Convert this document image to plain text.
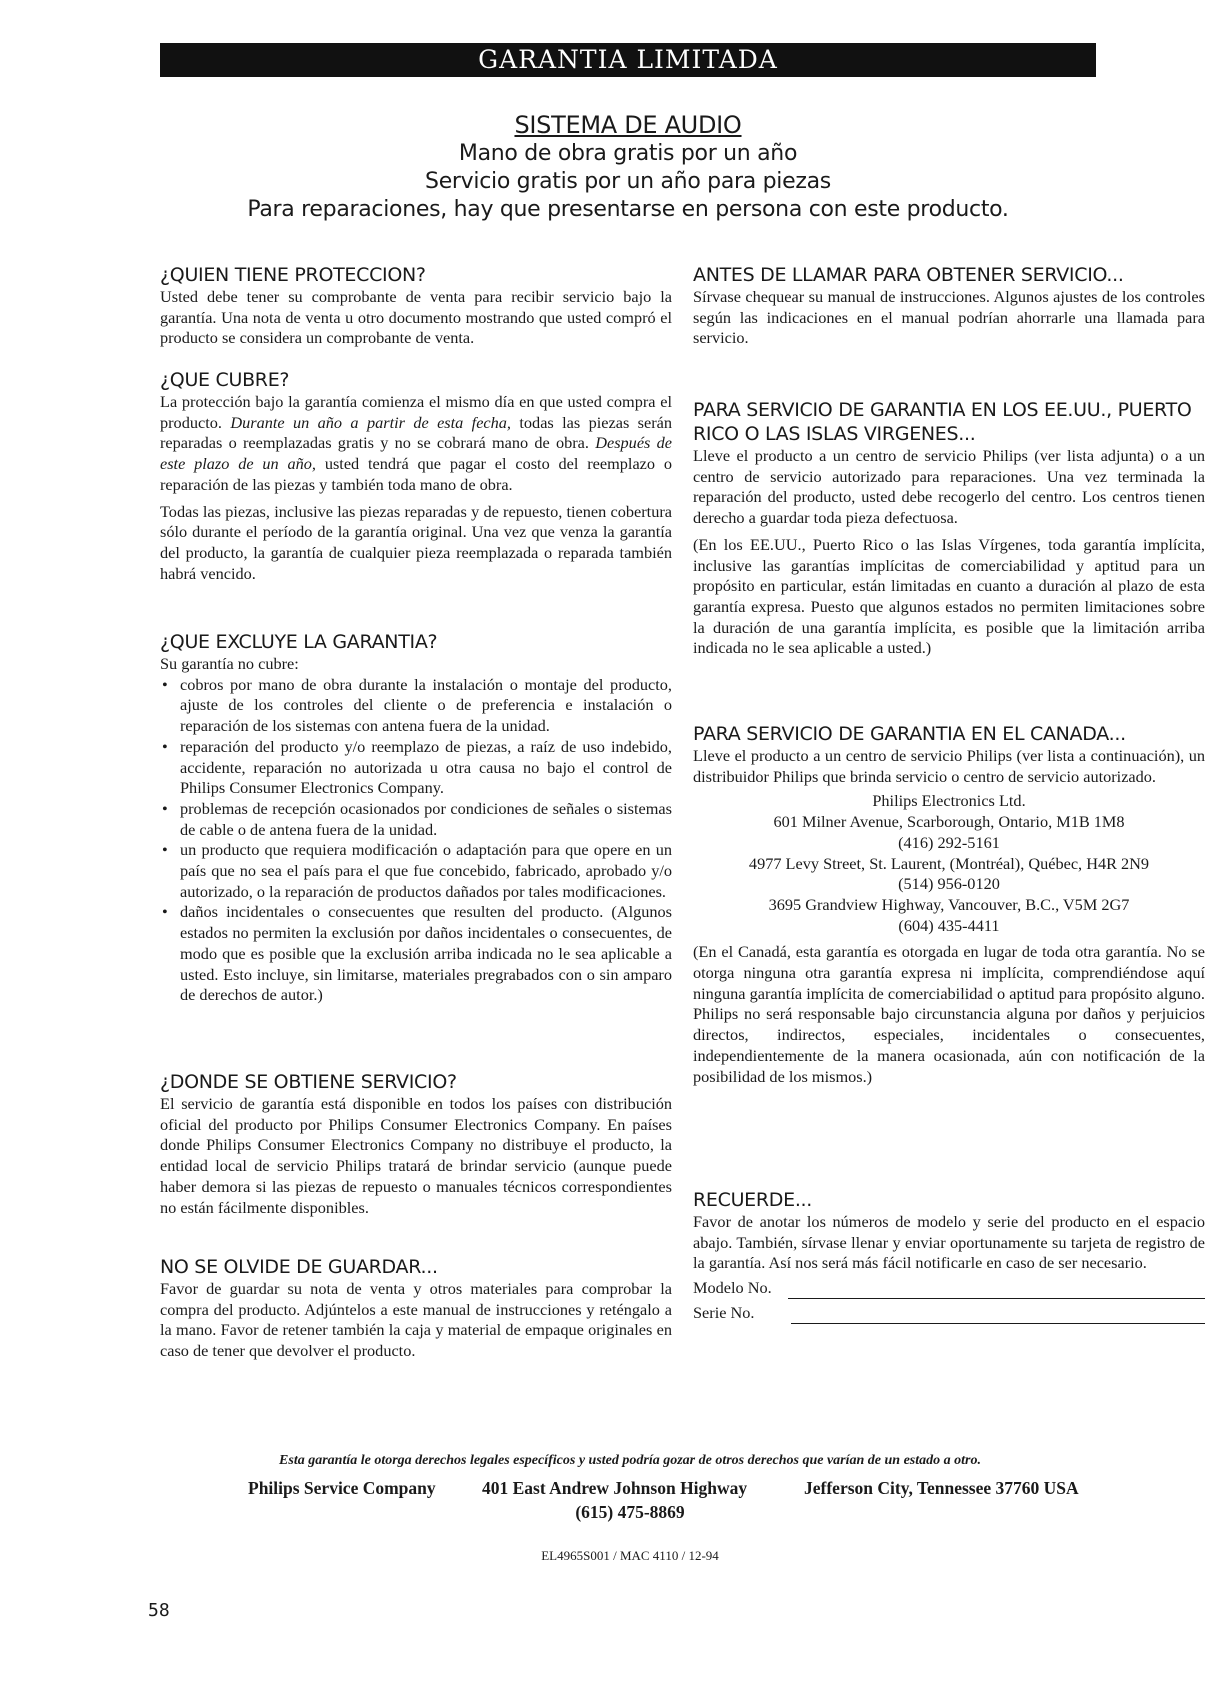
GARANTIA LIMITADA
SISTEMA DE AUDIO
Mano de obra gratis por un año
Servicio gratis por un año para piezas
Para reparaciones, hay que presentarse en persona con este producto.
¿QUIEN TIENE PROTECCION?

Usted debe tener su comprobante de venta para recibir servicio bajo la garantía. Una nota de venta u otro documento mostrando que usted compró el producto se considera un comprobante de venta.

¿QUE CUBRE?

La protección bajo la garantía comienza el mismo día en que usted compra el producto. Durante un año a partir de esta fecha, todas las piezas serán reparadas o reemplazadas gratis y no se cobrará mano de obra. Después de este plazo de un año, usted tendrá que pagar el costo del reemplazo o reparación de las piezas y también toda mano de obra.

Todas las piezas, inclusive las piezas reparadas y de repuesto, tienen cobertura sólo durante el período de la garantía original. Una vez que venza la garantía del producto, la garantía de cualquier pieza reemplazada o reparada también habrá vencido.

¿QUE EXCLUYE LA GARANTIA?

Su garantía no cubre:

• cobros por mano de obra durante la instalación o montaje del producto, ajuste de los controles del cliente o de preferencia e instalación o reparación de los sistemas con antena fuera de la unidad.
• reparación del producto y/o reemplazo de piezas, a raíz de uso indebido, accidente, reparación no autorizada u otra causa no bajo el control de Philips Consumer Electronics Company.
• problemas de recepción ocasionados por condiciones de señales o sistemas de cable o de antena fuera de la unidad.
• un producto que requiera modificación o adaptación para que opere en un país que no sea el país para el que fue concebido, fabricado, aprobado y/o autorizado, o la reparación de productos dañados por tales modificaciones.
• daños incidentales o consecuentes que resulten del producto. (Algunos estados no permiten la exclusión por daños incidentales o consecuentes, de modo que es posible que la exclusión arriba indicada no le sea aplicable a usted. Esto incluye, sin limitarse, materiales pregrabados con o sin amparo de derechos de autor.)
¿DONDE SE OBTIENE SERVICIO?

El servicio de garantía está disponible en todos los países con distribución oficial del producto por Philips Consumer Electronics Company. En países donde Philips Consumer Electronics Company no distribuye el producto, la entidad local de servicio Philips tratará de brindar servicio (aunque puede haber demora si las piezas de repuesto o manuales técnicos correspondientes no están fácilmente disponibles.

NO SE OLVIDE DE GUARDAR...

Favor de guardar su nota de venta y otros materiales para comprobar la compra del producto. Adjúntelos a este manual de instrucciones y reténgalo a la mano. Favor de retener también la caja y material de empaque originales en caso de tener que devolver el producto.

ANTES DE LLAMAR PARA OBTENER SERVICIO...

Sírvase chequear su manual de instrucciones. Algunos ajustes de los controles según las indicaciones en el manual podrían ahorrarle una llamada para servicio.

PARA SERVICIO DE GARANTIA EN LOS EE.UU., PUERTO RICO O LAS ISLAS VIRGENES...

Lleve el producto a un centro de servicio Philips (ver lista adjunta) o a un centro de servicio autorizado para reparaciones. Una vez terminada la reparación del producto, usted debe recogerlo del centro. Los centros tienen derecho a guardar toda pieza defectuosa.

(En los EE.UU., Puerto Rico o las Islas Vírgenes, toda garantía implícita, inclusive las garantías implícitas de comerciabilidad y aptitud para un propósito en particular, están limitadas en cuanto a duración al plazo de esta garantía expresa. Puesto que algunos estados no permiten limitaciones sobre la duración de una garantía implícita, es posible que la limitación arriba indicada no le sea aplicable a usted.)

PARA SERVICIO DE GARANTIA EN EL CANADA...

Lleve el producto a un centro de servicio Philips (ver lista a continuación), un distribuidor Philips que brinda servicio o centro de servicio autorizado.

Philips Electronics Ltd.
601 Milner Avenue, Scarborough, Ontario, M1B 1M8
(416) 292-5161
4977 Levy Street, St. Laurent, (Montréal), Québec, H4R 2N9
(514) 956-0120
3695 Grandview Highway, Vancouver, B.C., V5M 2G7
(604) 435-4411

(En el Canadá, esta garantía es otorgada en lugar de toda otra garantía. No se otorga ninguna otra garantía expresa ni implícita, comprendiéndose aquí ninguna garantía implícita de comerciabilidad o aptitud para propósito alguno. Philips no será responsable bajo circunstancia alguna por daños y perjuicios directos, indirectos, especiales, incidentales o consecuentes, independientemente de la manera ocasionada, aún con notificación de la posibilidad de los mismos.)

RECUERDE...

Favor de anotar los números de modelo y serie del producto en el espacio abajo. También, sírvase llenar y enviar oportunamente su tarjeta de registro de la garantía. Así nos será más fácil notificarle en caso de ser necesario.

Modelo No.
Serie No.
Esta garantía le otorga derechos legales específicos y usted podría gozar de otros derechos que varían de un estado a otro.
Philips Service Company	401 East Andrew Johnson Highway	Jefferson City, Tennessee 37760 USA
(615) 475-8869
EL4965S001 / MAC 4110 / 12-94
58
